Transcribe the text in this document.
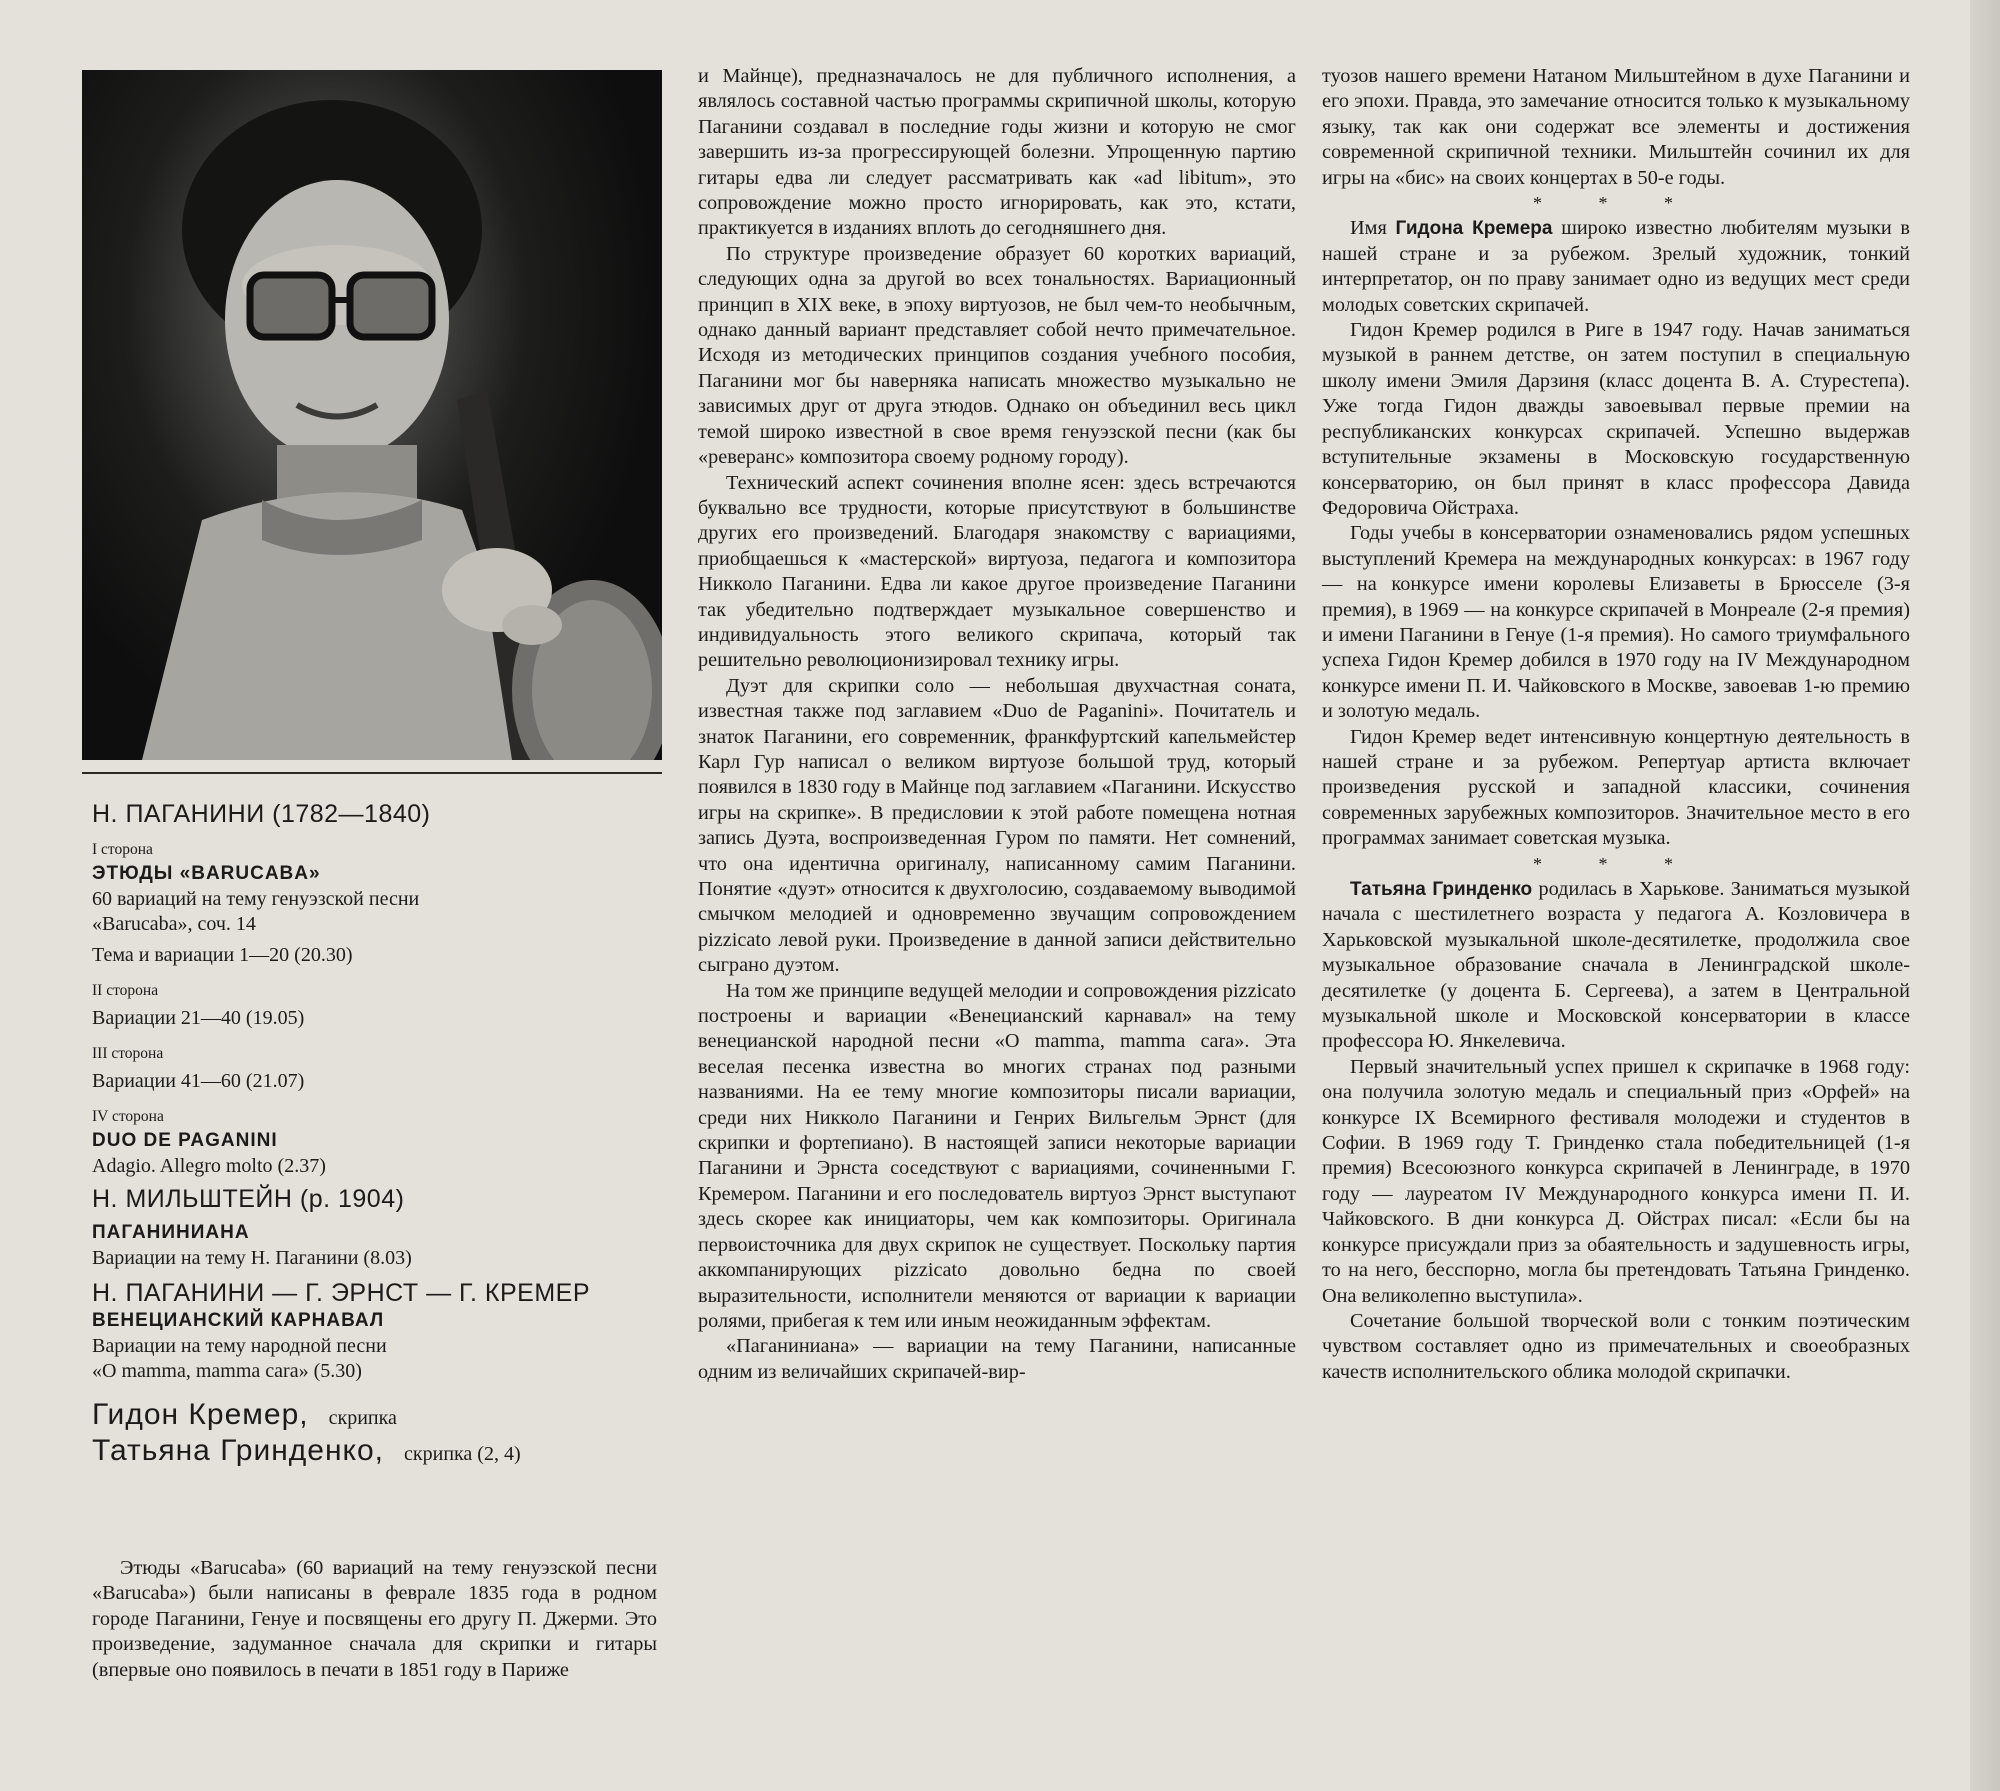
Н. ПАГАНИНИ (1782—1840)
I сторона
ЭТЮДЫ «BARUCABA»
60 вариаций на тему генуэзской песни
«Barucaba», соч. 14
Тема и вариации 1—20 (20.30)
II сторона
Вариации 21—40 (19.05)
III сторона
Вариации 41—60 (21.07)
IV сторона
DUO DE PAGANINI
Adagio. Allegro molto (2.37)
Н. МИЛЬШТЕЙН (р. 1904)
ПАГАНИНИАНА
Вариации на тему Н. Паганини (8.03)
Н. ПАГАНИНИ — Г. ЭРНСТ — Г. КРЕМЕР
ВЕНЕЦИАНСКИЙ КАРНАВАЛ
Вариации на тему народной песни
«O mamma, mamma cara» (5.30)
Гидон Кремер, скрипка
Татьяна Гринденко, скрипка (2, 4)

Этюды «Barucaba» (60 вариаций на тему генуэзской песни «Barucaba») были написаны в феврале 1835 года в родном городе Паганини, Генуе и посвящены его другу П. Джерми. Это произведение, задуманное сначала для скрипки и гитары (впервые оно появилось в печати в 1851 году в Париже

и Майнце), предназначалось не для публичного исполнения, а являлось составной частью программы скрипичной школы, которую Паганини создавал в последние годы жизни и которую не смог завершить из-за прогрессирующей болезни. Упрощенную партию гитары едва ли следует рассматривать как «ad libitum», это сопровождение можно просто игнорировать, как это, кстати, практикуется в изданиях вплоть до сегодняшнего дня.

По структуре произведение образует 60 коротких вариаций, следующих одна за другой во всех тональностях. Вариационный принцип в XIX веке, в эпоху виртуозов, не был чем-то необычным, однако данный вариант представляет собой нечто примечательное. Исходя из методических принципов создания учебного пособия, Паганини мог бы наверняка написать множество музыкально не зависимых друг от друга этюдов. Однако он объединил весь цикл темой широко известной в свое время генуэзской песни (как бы «реверанс» композитора своему родному городу).

Технический аспект сочинения вполне ясен: здесь встречаются буквально все трудности, которые присутствуют в большинстве других его произведений. Благодаря знакомству с вариациями, приобщаешься к «мастерской» виртуоза, педагога и композитора Никколо Паганини. Едва ли какое другое произведение Паганини так убедительно подтверждает музыкальное совершенство и индивидуальность этого великого скрипача, который так решительно революционизировал технику игры.

Дуэт для скрипки соло — небольшая двухчастная соната, известная также под заглавием «Duo de Paganini». Почитатель и знаток Паганини, его современник, франкфуртский капельмейстер Карл Гур написал о великом виртуозе большой труд, который появился в 1830 году в Майнце под заглавием «Паганини. Искусство игры на скрипке». В предисловии к этой работе помещена нотная запись Дуэта, воспроизведенная Гуром по памяти. Нет сомнений, что она идентична оригиналу, написанному самим Паганини. Понятие «дуэт» относится к двухголосию, создаваемому выводимой смычком мелодией и одновременно звучащим сопровождением pizzicato левой руки. Произведение в данной записи действительно сыграно дуэтом.

На том же принципе ведущей мелодии и сопровождения pizzicato построены и вариации «Венецианский карнавал» на тему венецианской народной песни «O mamma, mamma cara». Эта веселая песенка известна во многих странах под разными названиями. На ее тему многие композиторы писали вариации, среди них Никколо Паганини и Генрих Вильгельм Эрнст (для скрипки и фортепиано). В настоящей записи некоторые вариации Паганини и Эрнста соседствуют с вариациями, сочиненными Г. Кремером. Паганини и его последователь виртуоз Эрнст выступают здесь скорее как инициаторы, чем как композиторы. Оригинала первоисточника для двух скрипок не существует. Поскольку партия аккомпанирующих pizzicato довольно бедна по своей выразительности, исполнители меняются от вариации к вариации ролями, прибегая к тем или иным неожиданным эффектам.

«Паганиниана» — вариации на тему Паганини, написанные одним из величайших скрипачей-вир-

туозов нашего времени Натаном Мильштейном в духе Паганини и его эпохи. Правда, это замечание относится только к музыкальному языку, так как они содержат все элементы и достижения современной скрипичной техники. Мильштейн сочинил их для игры на «бис» на своих концертах в 50-е годы.

* * *

Имя Гидона Кремера широко известно любителям музыки в нашей стране и за рубежом. Зрелый художник, тонкий интерпретатор, он по праву занимает одно из ведущих мест среди молодых советских скрипачей.

Гидон Кремер родился в Риге в 1947 году. Начав заниматься музыкой в раннем детстве, он затем поступил в специальную школу имени Эмиля Дарзиня (класс доцента В. А. Стурестепа). Уже тогда Гидон дважды завоевывал первые премии на республиканских конкурсах скрипачей. Успешно выдержав вступительные экзамены в Московскую государственную консерваторию, он был принят в класс профессора Давида Федоровича Ойстраха.

Годы учебы в консерватории ознаменовались рядом успешных выступлений Кремера на международных конкурсах: в 1967 году — на конкурсе имени королевы Елизаветы в Брюсселе (3-я премия), в 1969 — на конкурсе скрипачей в Монреале (2-я премия) и имени Паганини в Генуе (1-я премия). Но самого триумфального успеха Гидон Кремер добился в 1970 году на IV Международном конкурсе имени П. И. Чайковского в Москве, завоевав 1-ю премию и золотую медаль.

Гидон Кремер ведет интенсивную концертную деятельность в нашей стране и за рубежом. Репертуар артиста включает произведения русской и западной классики, сочинения современных зарубежных композиторов. Значительное место в его программах занимает советская музыка.

* * *

Татьяна Гринденко родилась в Харькове. Заниматься музыкой начала с шестилетнего возраста у педагога А. Козловичера в Харьковской музыкальной школе-десятилетке, продолжила свое музыкальное образование сначала в Ленинградской школе-десятилетке (у доцента Б. Сергеева), а затем в Центральной музыкальной школе и Московской консерватории в классе профессора Ю. Янкелевича.

Первый значительный успех пришел к скрипачке в 1968 году: она получила золотую медаль и специальный приз «Орфей» на конкурсе IX Всемирного фестиваля молодежи и студентов в Софии. В 1969 году Т. Гринденко стала победительницей (1-я премия) Всесоюзного конкурса скрипачей в Ленинграде, в 1970 году — лауреатом IV Международного конкурса имени П. И. Чайковского. В дни конкурса Д. Ойстрах писал: «Если бы на конкурсе присуждали приз за обаятельность и задушевность игры, то на него, бесспорно, могла бы претендовать Татьяна Гринденко. Она великолепно выступила».

Сочетание большой творческой воли с тонким поэтическим чувством составляет одно из примечательных и своеобразных качеств исполнительского облика молодой скрипачки.
